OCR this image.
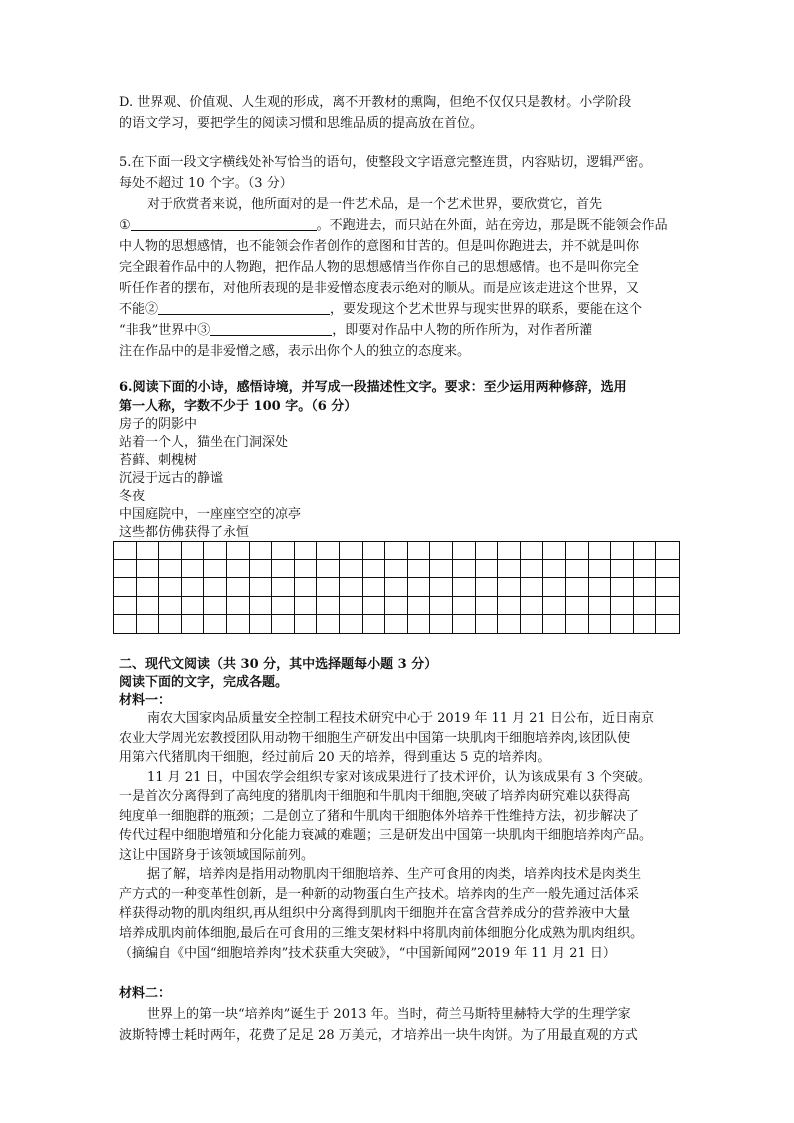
D. 世界观、价值观、人生观的形成，离不开教材的熏陶，但绝不仅仅只是教材。小学阶段
的语文学习，要把学生的阅读习惯和思维品质的提高放在首位。
5.在下面一段文字横线处补写恰当的语句，使整段文字语意完整连贯，内容贴切，逻辑严密。
每处不超过 10 个字。（3 分）
对于欣赏者来说，他所面对的是一件艺术品，是一个艺术世界，要欣赏它，首先
①	。不跑进去，而只站在外面，站在旁边，那是既不能领会作品
中人物的思想感情，也不能领会作者创作的意图和甘苦的。但是叫你跑进去，并不就是叫你
完全跟着作品中的人物跑，把作品人物的思想感情当作你自己的思想感情。也不是叫你完全
听任作者的摆布，对他所表现的是非爱憎态度表示绝对的顺从。而是应该走进这个世界，又
不能②	，要发现这个艺术世界与现实世界的联系，要能在这个
“非我”世界中③	，即要对作品中人物的所作所为，对作者所灌
注在作品中的是非爱憎之感，表示出你个人的独立的态度来。
6.阅读下面的小诗，感悟诗境，并写成一段描述性文字。要求：至少运用两种修辞，选用
第一人称，字数不少于 100 字。（6 分）
房子的阴影中
站着一个人，猫坐在门洞深处
苔藓、刺槐树
沉浸于远古的静谧
冬夜
中国庭院中，一座座空空的凉亭
这些都仿佛获得了永恒
二、现代文阅读（共 30 分，其中选择题每小题 3 分）
阅读下面的文字，完成各题。
材料一：
南农大国家肉品质量安全控制工程技术研究中心于 2019 年 11 月 21 日公布，近日南京
农业大学周光宏教授团队用动物干细胞生产研发出中国第一块肌肉干细胞培养肉,该团队使
用第六代猪肌肉干细胞，经过前后 20 天的培养，得到重达 5 克的培养肉。
11 月 21 日，中国农学会组织专家对该成果进行了技术评价，认为该成果有 3 个突破。
一是首次分离得到了高纯度的猪肌肉干细胞和牛肌肉干细胞,突破了培养肉研究难以获得高
纯度单一细胞群的瓶颈；二是创立了猪和牛肌肉干细胞体外培养干性维持方法，初步解决了
传代过程中细胞增殖和分化能力衰减的难题；三是研发出中国第一块肌肉干细胞培养肉产品。
这让中国跻身于该领域国际前列。
据了解，培养肉是指用动物肌肉干细胞培养、生产可食用的肉类，培养肉技术是肉类生
产方式的一种变革性创新，是一种新的动物蛋白生产技术。培养肉的生产一般先通过活体采
样获得动物的肌肉组织,再从组织中分离得到肌肉干细胞并在富含营养成分的营养液中大量
培养成肌肉前体细胞,最后在可食用的三维支架材料中将肌肉前体细胞分化成熟为肌肉组织。
（摘编自《中国“细胞培养肉”技术获重大突破》，“中国新闻网”2019 年 11 月 21 日）
材料二：
世界上的第一块“培养肉”诞生于 2013 年。当时，荷兰马斯特里赫特大学的生理学家
波斯特博士耗时两年，花费了足足 28 万美元，才培养出一块牛肉饼。为了用最直观的方式
